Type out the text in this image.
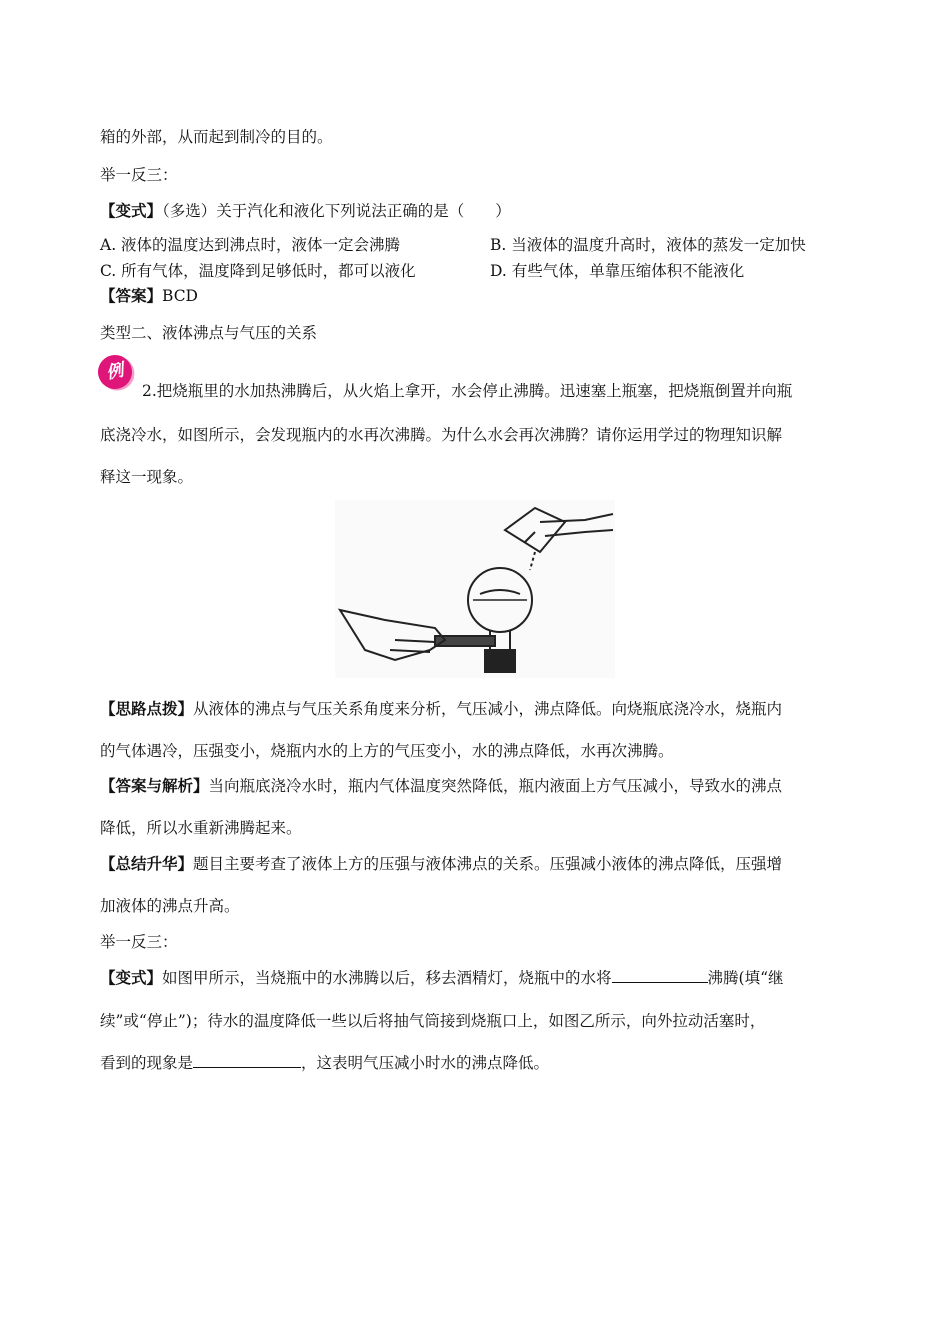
箱的外部，从而起到制冷的目的。
举一反三：
【变式】（多选）关于汽化和液化下列说法正确的是（　　）
A. 液体的温度达到沸点时，液体一定会沸腾	B. 当液体的温度升高时，液体的蒸发一定加快
C. 所有气体，温度降到足够低时，都可以液化	D. 有些气体，单靠压缩体积不能液化
【答案】BCD
类型二、液体沸点与气压的关系
例
2.把烧瓶里的水加热沸腾后，从火焰上拿开，水会停止沸腾。迅速塞上瓶塞，把烧瓶倒置并向瓶
底浇冷水，如图所示，会发现瓶内的水再次沸腾。为什么水会再次沸腾？请你运用学过的物理知识解
释这一现象。
【思路点拨】从液体的沸点与气压关系角度来分析，气压减小，沸点降低。向烧瓶底浇冷水，烧瓶内
的气体遇冷，压强变小，烧瓶内水的上方的气压变小，水的沸点降低，水再次沸腾。
【答案与解析】当向瓶底浇冷水时，瓶内气体温度突然降低，瓶内液面上方气压减小，导致水的沸点
降低，所以水重新沸腾起来。
【总结升华】题目主要考查了液体上方的压强与液体沸点的关系。压强减小液体的沸点降低，压强增
加液体的沸点升高。
举一反三：
【变式】如图甲所示，当烧瓶中的水沸腾以后，移去酒精灯，烧瓶中的水将	沸腾(填“继
续”或“停止”)；待水的温度降低一些以后将抽气筒接到烧瓶口上，如图乙所示，向外拉动活塞时，
看到的现象是	，这表明气压减小时水的沸点降低。
